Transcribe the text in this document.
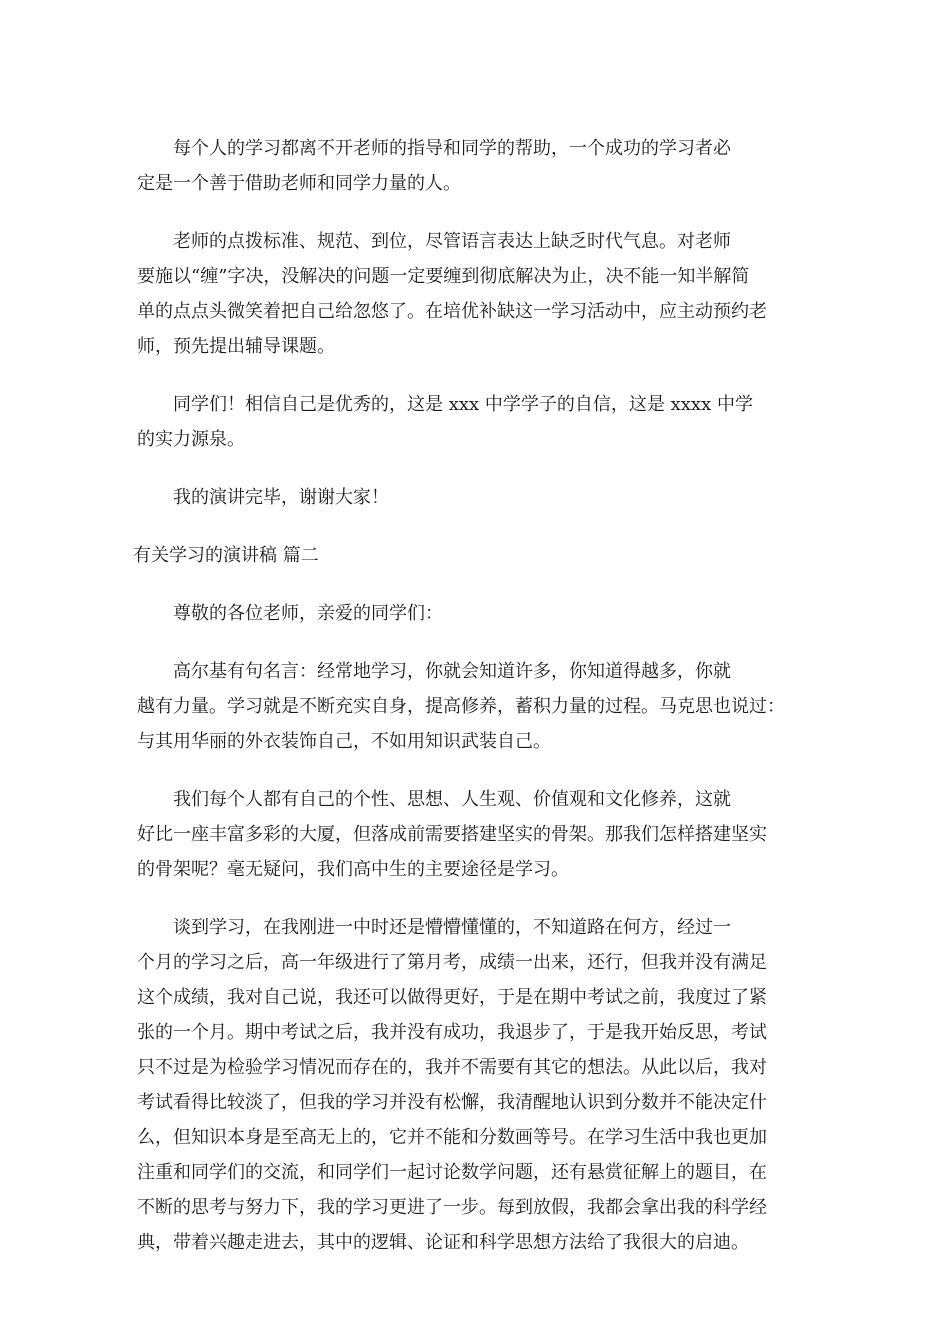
每个人的学习都离不开老师的指导和同学的帮助，一个成功的学习者必
定是一个善于借助老师和同学力量的人。

老师的点拨标准、规范、到位，尽管语言表达上缺乏时代气息。对老师
要施以“缠”字决，没解决的问题一定要缠到彻底解决为止，决不能一知半解简
单的点点头微笑着把自己给忽悠了。在培优补缺这一学习活动中，应主动预约老
师，预先提出辅导课题。

同学们！相信自己是优秀的，这是 xxx 中学学子的自信，这是 xxxx 中学
的实力源泉。

我的演讲完毕，谢谢大家！

有关学习的演讲稿 篇二

尊敬的各位老师，亲爱的同学们：

高尔基有句名言：经常地学习，你就会知道许多，你知道得越多，你就
越有力量。学习就是不断充实自身，提高修养，蓄积力量的过程。马克思也说过：
与其用华丽的外衣装饰自己，不如用知识武装自己。

我们每个人都有自己的个性、思想、人生观、价值观和文化修养，这就
好比一座丰富多彩的大厦，但落成前需要搭建坚实的骨架。那我们怎样搭建坚实
的骨架呢？毫无疑问，我们高中生的主要途径是学习。

谈到学习，在我刚进一中时还是懵懵懂懂的，不知道路在何方，经过一
个月的学习之后，高一年级进行了第月考，成绩一出来，还行，但我并没有满足
这个成绩，我对自己说，我还可以做得更好，于是在期中考试之前，我度过了紧
张的一个月。期中考试之后，我并没有成功，我退步了，于是我开始反思，考试
只不过是为检验学习情况而存在的，我并不需要有其它的想法。从此以后，我对
考试看得比较淡了，但我的学习并没有松懈，我清醒地认识到分数并不能决定什
么，但知识本身是至高无上的，它并不能和分数画等号。在学习生活中我也更加
注重和同学们的交流，和同学们一起讨论数学问题，还有悬赏征解上的题目，在
不断的思考与努力下，我的学习更进了一步。每到放假，我都会拿出我的科学经
典，带着兴趣走进去，其中的逻辑、论证和科学思想方法给了我很大的启迪。
